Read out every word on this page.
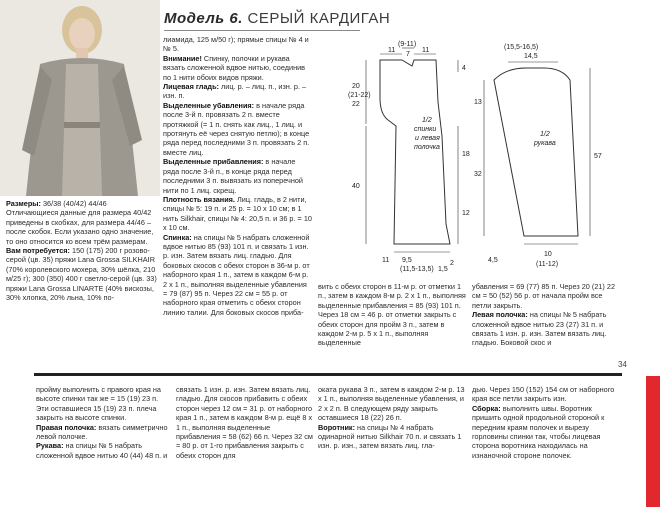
Модель 6. СЕРЫЙ КАРДИГАН

Размеры: 36/38 (40/42) 44/46

Отличающиеся данные для размера 40/42 приведены в скобках, для размера 44/46 – после скобок. Если указано одно значение, то оно относится ко всем трём размерам.

Вам потребуется: 150 (175) 200 г розово-серой (цв. 35) пряжи Lana Grossa SILKHAIR (70% королевского мохера, 30% шёлка, 210 м/25 г); 300 (350) 400 г светло-серой (цв. 33) пряжи Lana Grossa LINARTE (40% вискозы, 30% хлопка, 20% льна, 10% по-

лиамида, 125 м/50 г); прямые спицы № 4 и № 5.

Внимание! Спинку, полочки и рукава вязать сложенной вдвое нитью, соединив по 1 нити обоих видов пряжи.

Лицевая гладь: лиц. р. – лиц. п., изн. р. – изн. п.

Выделенные убавления: в начале ряда после 3-й п. провязать 2 п. вместе протяжкой (= 1 п. снять как лиц., 1 лиц. и протянуть её через снятую петлю); в конце ряда перед последними 3 п. провязать 2 п. вместе лиц.

Выделенные прибавления: в начале ряда после 3-й п., в конце ряда перед последними 3 п. вывязать из поперечной нити по 1 лиц. скрещ.

Плотность вязания. Лиц. гладь, в 2 нити, спицы № 5: 19 п. и 25 р. = 10 х 10 см; в 1 нить Silkhair, спицы № 4: 20,5 п. и 36 р. = 10 х 10 см.

Спинка: на спицы № 5 набрать сложенной вдвое нитью 85 (93) 101 п. и связать 1 изн. р. изн. Затем вязать лиц. гладью. Для боковых скосов с обеих сторон в 36-м р. от наборного края 1 п., затем в каждом 6-м р. 2 х 1 п., выполняя выделенные убавления = 79 (87) 95 п. Через 22 см = 55 р. от наборного края отметить с обеих сторон линию талии. Для боковых скосов приба-

вить с обеих сторон в 11-м р. от отметки 1 п., затем в каждом 8-м р. 2 х 1 п., выполняя выделенные прибавления = 85 (93) 101 п. Через 18 см = 46 р. от отметки закрыть с обеих сторон для пройм 3 п., затем в каждом 2-м р. 5 х 1 п., выполняя выделенные

убавления = 69 (77) 85 п. Через 20 (21) 22 см = 50 (52) 56 р. от начала пройм все петли закрыть.

Левая полочка: на спицы № 5 набрать сложенной вдвое нитью 23 (27) 31 п. и связать 1 изн. р. изн. Затем вязать лиц. гладью. Боковой скос и

11
(9-11)
7
11
20
(21-22)
22
40
4
18
12
2
9,5
(11,5-13,5)
11
1,5
1/2
спинки
и левая
полочка
(15,5-16,5)
14,5
13
32
4,5
57
10
(11-12)
1/2
рукава
34

пройму выполнить с правого края на высоте спинки так же = 15 (19) 23 п. Эти оставшиеся 15 (19) 23 п. плеча закрыть на высоте спинки.

Правая полочка: вязать симметрично левой полочке.

Рукава: на спицы № 5 набрать сложенной вдвое нитью 40 (44) 48 п. и

связать 1 изн. р. изн. Затем вязать лиц. гладью. Для скосов прибавить с обеих сторон через 12 см = 31 р. от наборного края 1 п., затем в каждом 8-м р. ещё 8 х 1 п., выполняя выделенные прибавления = 58 (62) 66 п. Через 32 см = 80 р. от 1-го прибавления закрыть с обеих сторон для

оката рукава 3 п., затем в каждом 2-м р. 13 х 1 п., выполняя выделенные убавления, и 2 х 2 п. В следующем ряду закрыть оставшиеся 18 (22) 26 п.

Воротник: на спицы № 4 набрать одинарной нитью Silkhair 70 п. и связать 1 изн. р. изн., затем вязать лиц. гла-

дью. Через 150 (152) 154 см от наборного края все петли закрыть изн.

Сборка: выполнить швы. Воротник пришить одной продольной стороной к передним краям полочек и вырезу горловины спинки так, чтобы лицевая сторона воротника находилась на изнаночной стороне полочек.
